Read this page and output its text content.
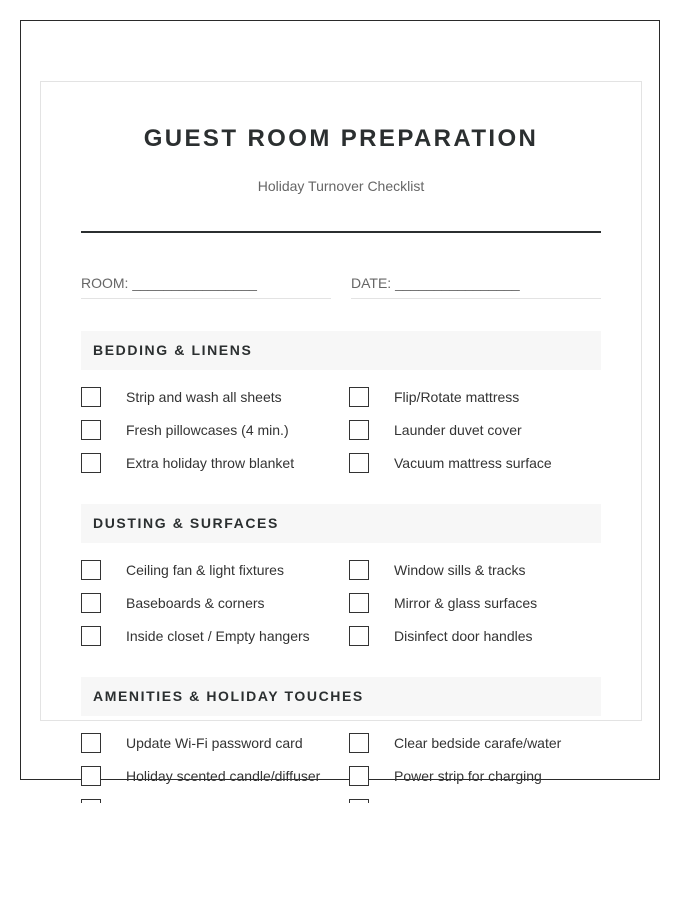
GUEST ROOM PREPARATION
Holiday Turnover Checklist
ROOM: ________________	DATE: ________________
BEDDING & LINENS
Strip and wash all sheets	Flip/Rotate mattress
Fresh pillowcases (4 min.)	Launder duvet cover
Extra holiday throw blanket	Vacuum mattress surface
DUSTING & SURFACES
Ceiling fan & light fixtures	Window sills & tracks
Baseboards & corners	Mirror & glass surfaces
Inside closet / Empty hangers	Disinfect door handles
AMENITIES & HOLIDAY TOUCHES
Update Wi-Fi password card	Clear bedside carafe/water
Holiday scented candle/diffuser	Power strip for charging
